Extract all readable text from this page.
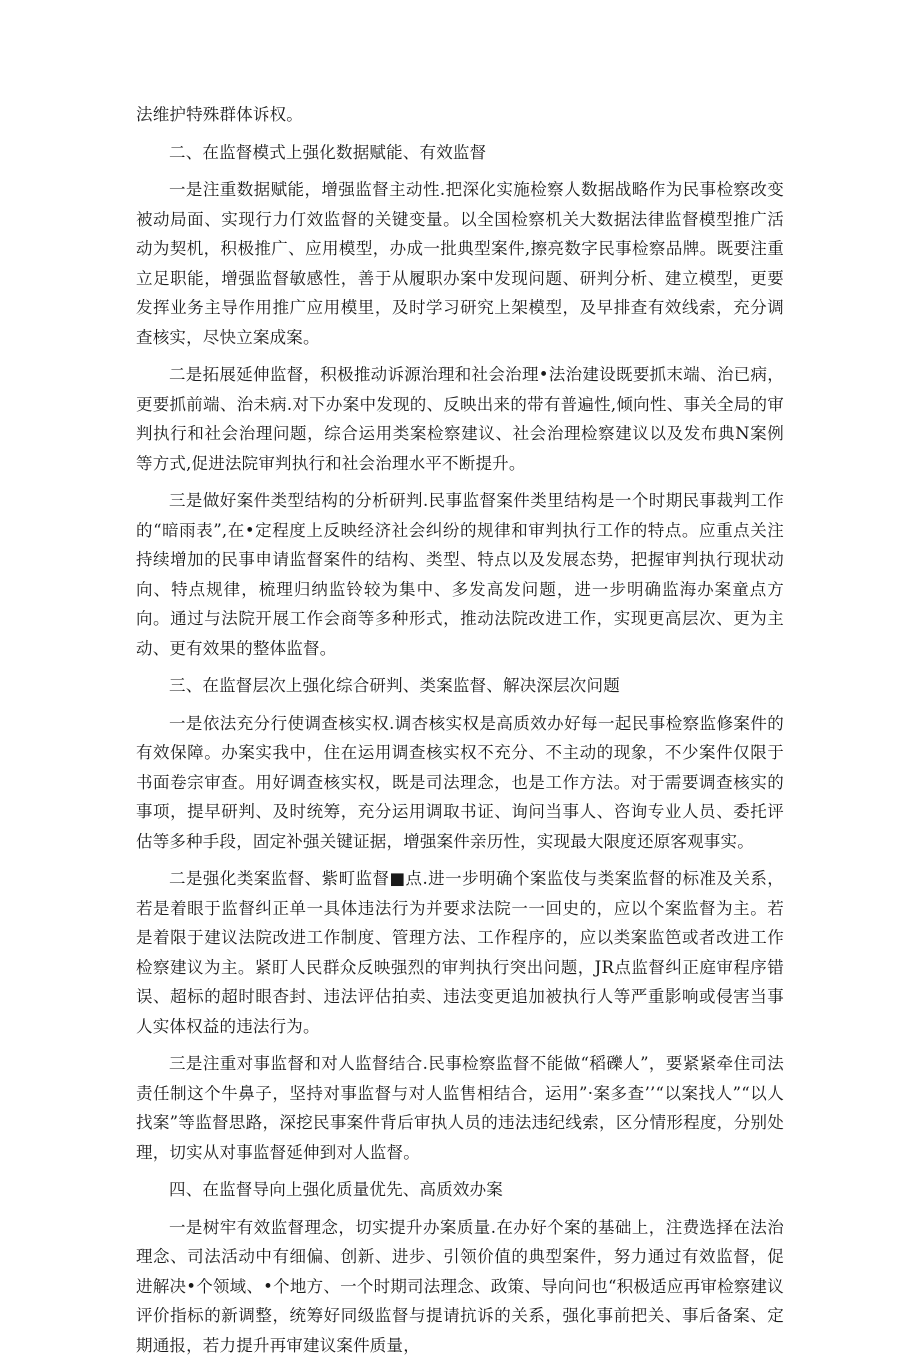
法维护特殊群体诉权。

二、在监督模式上强化数据赋能、有效监督

一是注重数据赋能，增强监督主动性.把深化实施检察人数据战略作为民事检察改变被动局面、实现行力仃效监督的关键变量。以全国检察机关大数据法律监督模型推广活动为契机，积极推广、应用模型，办成一批典型案件,擦亮数字民事检察品牌。既要注重立足职能，增强监督敏感性，善于从履职办案中发现问题、研判分析、建立模型，更要发挥业务主导作用推广应用模里，及时学习研究上架模型，及早排查有效线索，充分调查核实，尽快立案成案。

二是拓展延伸监督，积极推动诉源治理和社会治理•法治建设既要抓末端、治已病，更要抓前端、治未病.对下办案中发现的、反映出来的带有普遍性,倾向性、事关全局的审判执行和社会治理问题，综合运用类案检察建议、社会治理检察建议以及发布典N案例等方式,促进法院审判执行和社会治理水平不断提升。

三是做好案件类型结构的分析研判.民事监督案件类里结构是一个时期民事裁判工作的“暗雨表”,在•定程度上反映经济社会纠纷的规律和审判执行工作的特点。应重点关注持续增加的民事申请监督案件的结构、类型、特点以及发展态势，把握审判执行现状动向、特点规律，梳理归纳监铃较为集中、多发高发问题，进一步明确监海办案童点方向。通过与法院开展工作会商等多种形式，推动法院改进工作，实现更高层次、更为主动、更有效果的整体监督。

三、在监督层次上强化综合研判、类案监督、解决深层次问题

一是依法充分行使调查核实权.调杏核实权是高质效办好每一起民事检察监修案件的有效保障。办案实我中，住在运用调查核实权不充分、不主动的现象，不少案件仅限于书面卷宗审查。用好调查核实权，既是司法理念，也是工作方法。对于需要调查核实的事项，提早研判、及时统筹，充分运用调取书证、询问当事人、咨询专业人员、委托评估等多种手段，固定补强关键证据，增强案件亲历性，实现最大限度还原客观事实。

二是强化类案监督、紫町监督■点.进一步明确个案监伎与类案监督的标准及关系，若是着眼于监督纠正单一具体违法行为并要求法院一一回史的，应以个案监督为主。若是着限于建议法院改进工作制度、管理方法、工作程序的，应以类案监笆或者改进工作检察建议为主。紧盯人民群众反映强烈的审判执行突出问题，JR点监督纠正庭审程序错误、超标的超时眼杳封、违法评估拍卖、违法变更追加被执行人等严重影响或侵害当事人实体权益的违法行为。

三是注重对事监督和对人监督结合.民事检察监督不能做“稻礫人”，要紧紧牵住司法责任制这个牛鼻子，坚持对事监督与对人监售相结合，运用”·案多查’’“以案找人”“以人找案”等监督思路，深挖民事案件背后审执人员的违法违纪线索，区分情形程度，分别处理，切实从对事监督延伸到对人监督。

四、在监督导向上强化质量优先、高质效办案

一是树牢有效监督理念，切实提升办案质量.在办好个案的基础上，注费选择在法治理念、司法活动中有细偏、创新、进步、引领价值的典型案件，努力通过有效监督，促进解决•个领域、•个地方、一个时期司法理念、政策、导向问也“积极适应再审检察建议评价指标的新调整，统筹好同级监督与提请抗诉的关系，强化事前把关、事后备案、定期通报，若力提升再审建议案件质量，
